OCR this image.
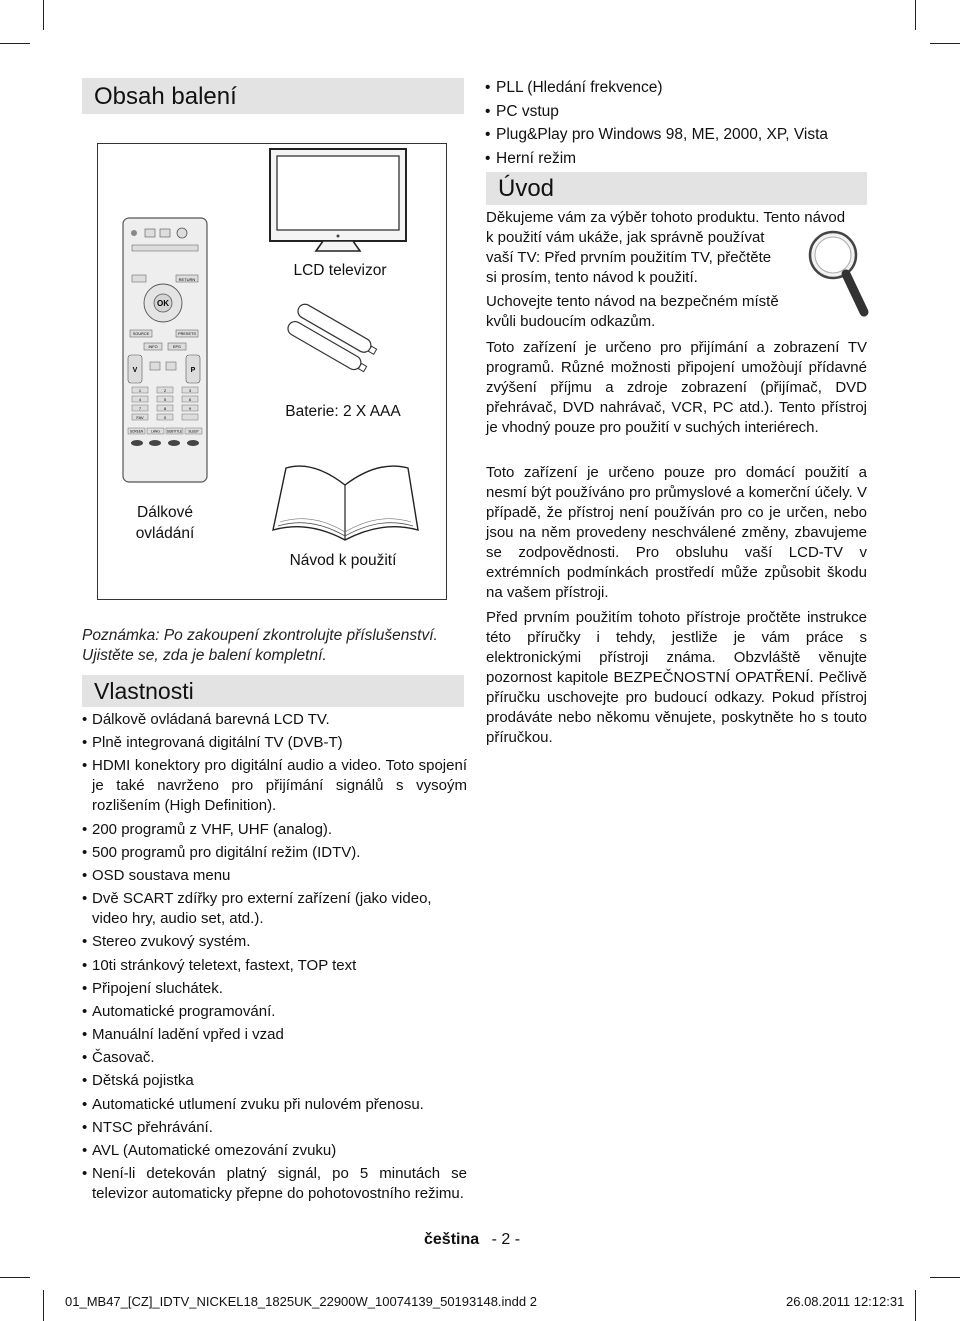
Obsah balení
RETURN
OK
SOURCE	PRESETS
INFO	EPG
V	P
1	2	3
4	5	6
7	8	9
FAV	0
SCREEN	LANG SUBTITLE SLEEP
Dálkové
ovládání
LCD televizor
Baterie: 2 X AAA
Návod k použití
Poznámka: Po zakoupení zkontrolujte příslušenství.
Ujistěte se, zda je balení kompletní.
Vlastnosti
• Dálkově ovládaná barevná LCD TV.
• Plně integrovaná digitální TV (DVB-T)
• HDMI konektory pro digitální audio a video. Toto spojení je také navrženo pro přijímání signálů s vysoým rozlišením (High Definition).
• 200 programů z VHF, UHF (analog).
• 500 programů pro digitální režim (IDTV).
• OSD soustava menu
• Dvě SCART zdířky pro externí zařízení (jako video, video hry, audio set, atd.).
• Stereo zvukový systém.
• 10ti stránkový teletext, fastext, TOP text
• Připojení sluchátek.
• Automatické programování.
• Manuální ladění vpřed i vzad
• Časovač.
• Dětská pojistka
• Automatické utlumení zvuku při nulovém přenosu.
• NTSC přehrávání.
• AVL (Automatické omezování zvuku)
• Není-li detekován platný signál, po 5 minutách se televizor automaticky přepne do pohotovostního režimu.
• PLL (Hledání frekvence)
• PC vstup
• Plug&Play pro Windows 98, ME, 2000, XP, Vista
• Herní režim
Úvod
Děkujeme vám za výběr tohoto produktu. Tento návod
k použití vám ukáže, jak správně používat
vaší TV: Před prvním použitím TV, přečtěte
si prosím, tento návod k použití.
Uchovejte tento návod na bezpečném místě
kvůli budoucím odkazům.

Toto zařízení je určeno pro přijímání a zobrazení TV programů. Různé možnosti připojení umožòují přídavné zvýšení příjmu a zdroje zobrazení (přijímač, DVD přehrávač, DVD nahrávač, VCR, PC atd.). Tento přístroj je vhodný pouze pro použití v suchých interiérech.

Toto zařízení je určeno pouze pro domácí použití a nesmí být používáno pro průmyslové a komerční účely. V případě, že přístroj není používán pro co je určen, nebo jsou na něm provedeny neschválené změny, zbavujeme se zodpovědnosti. Pro obsluhu vaší LCD-TV v extrémních podmínkách prostředí může způsobit škodu na vašem přístroji.

Před prvním použitím tohoto přístroje pročtěte instrukce této příručky i tehdy, jestliže je vám práce s elektronickými přístroji známa. Obzvláště věnujte pozornost kapitole BEZPEČNOSTNÍ OPATŘENÍ. Pečlivě příručku uschovejte pro budoucí odkazy. Pokud přístroj prodáváte nebo někomu věnujete, poskytněte ho s touto příručkou.

čeština - 2 -
01_MB47_[CZ]_IDTV_NICKEL18_1825UK_22900W_10074139_50193148.indd 2	26.08.2011 12:12:31
